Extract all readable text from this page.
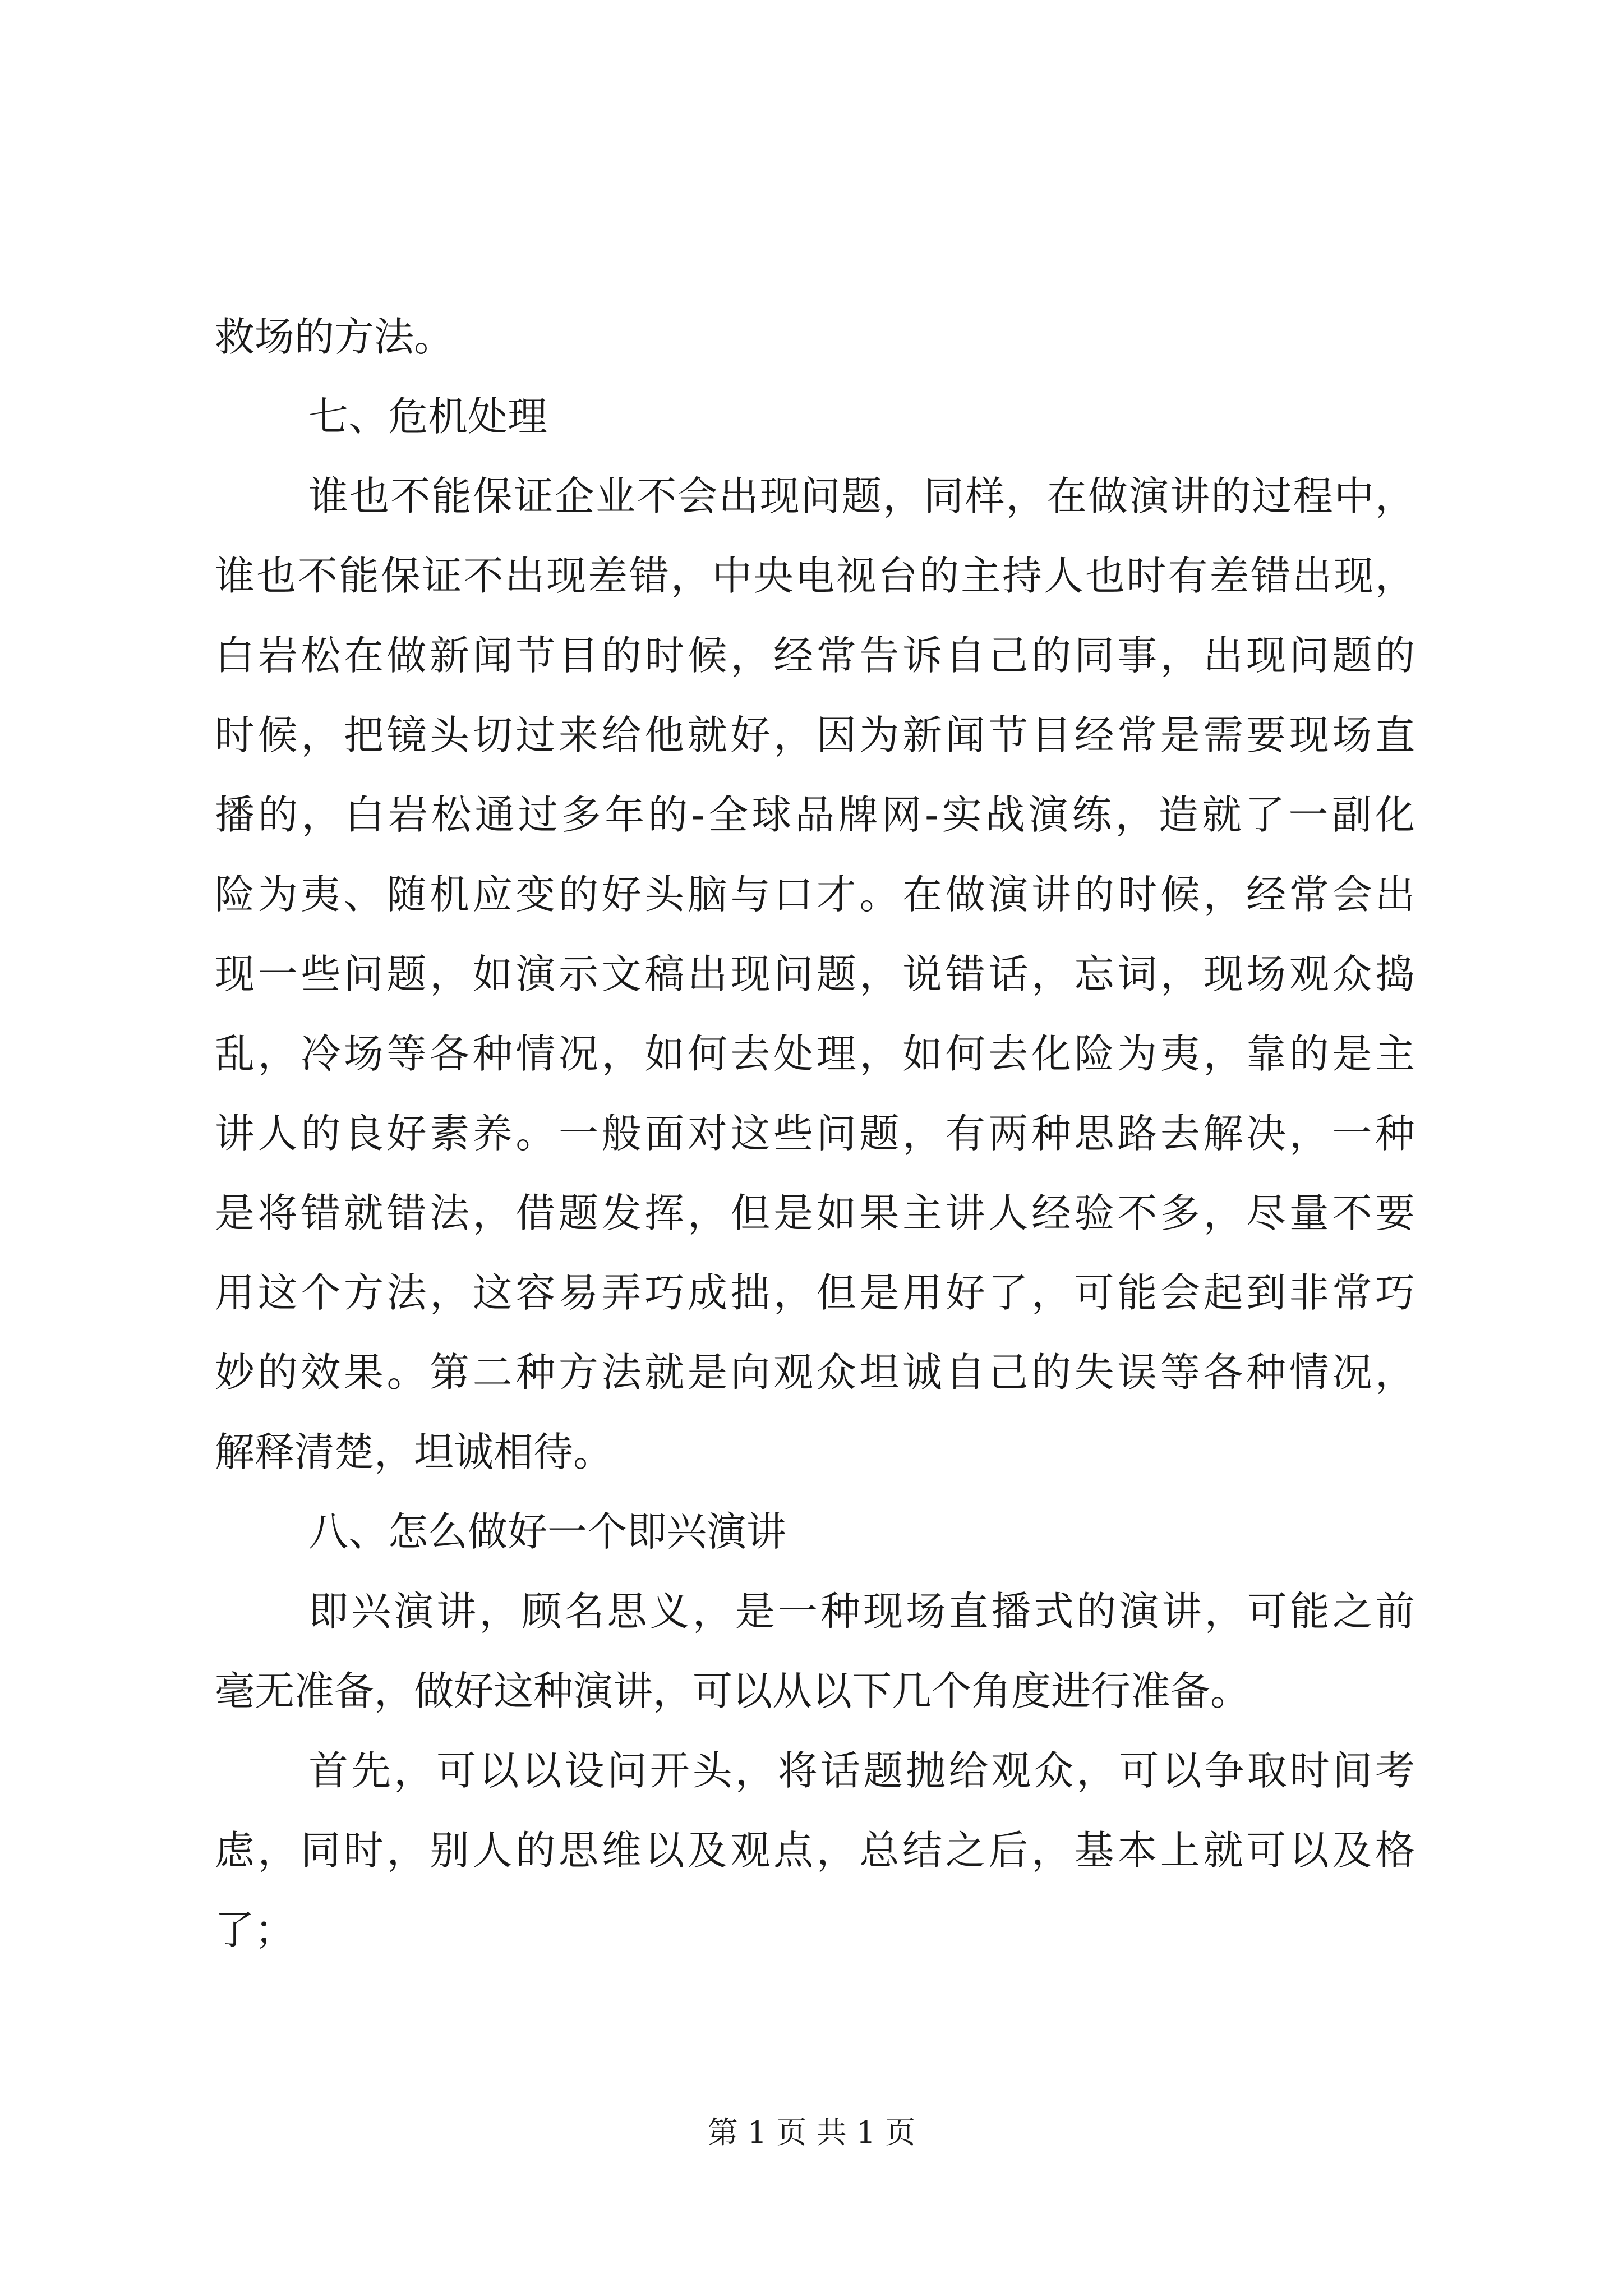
救场的方法。
七、危机处理
谁也不能保证企业不会出现问题，同样，在做演讲的过程中，
谁也不能保证不出现差错，中央电视台的主持人也时有差错出现，
白岩松在做新闻节目的时候，经常告诉自己的同事，出现问题的
时候，把镜头切过来给他就好，因为新闻节目经常是需要现场直
播的，白岩松通过多年的-全球品牌网-实战演练，造就了一副化
险为夷、随机应变的好头脑与口才。在做演讲的时候，经常会出
现一些问题，如演示文稿出现问题，说错话，忘词，现场观众捣
乱，冷场等各种情况，如何去处理，如何去化险为夷，靠的是主
讲人的良好素养。一般面对这些问题，有两种思路去解决，一种
是将错就错法，借题发挥，但是如果主讲人经验不多，尽量不要
用这个方法，这容易弄巧成拙，但是用好了，可能会起到非常巧
妙的效果。第二种方法就是向观众坦诚自己的失误等各种情况，
解释清楚，坦诚相待。
八、怎么做好一个即兴演讲
即兴演讲，顾名思义，是一种现场直播式的演讲，可能之前
毫无准备，做好这种演讲，可以从以下几个角度进行准备。
首先，可以以设问开头，将话题抛给观众，可以争取时间考
虑，同时，别人的思维以及观点，总结之后，基本上就可以及格
了；
第 1 页 共 1 页
